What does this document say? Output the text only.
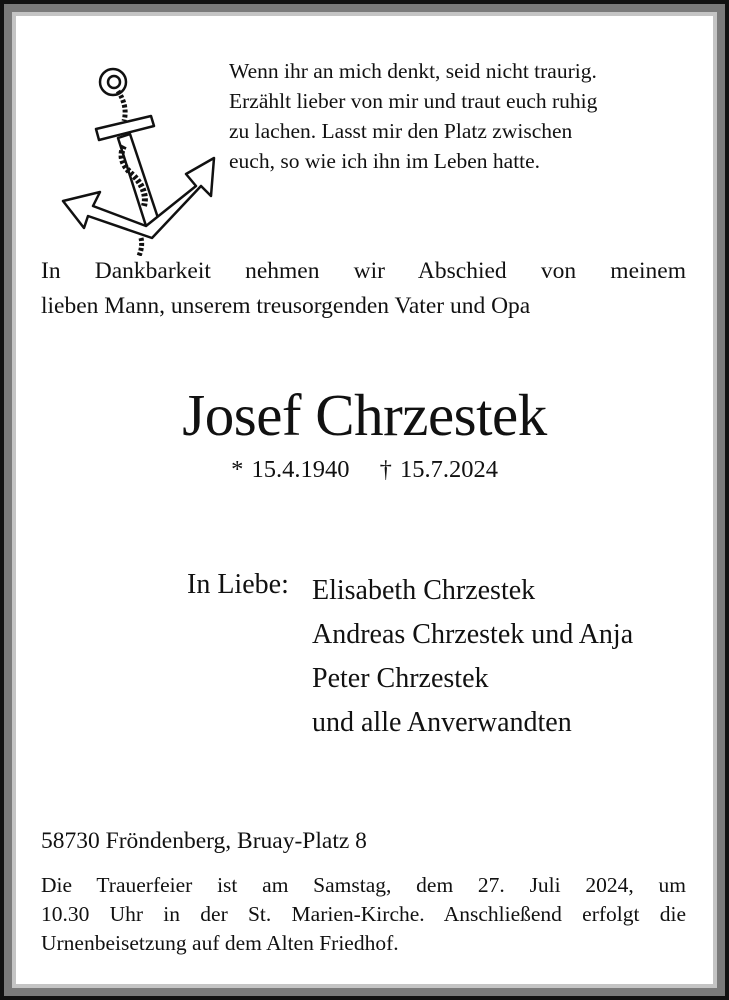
Wenn ihr an mich denkt, seid nicht traurig.
Erzählt lieber von mir und traut euch ruhig
zu lachen. Lasst mir den Platz zwischen
euch, so wie ich ihn im Leben hatte.
In Dankbarkeit nehmen wir Abschied von meinem
lieben Mann, unserem treusorgenden Vater und Opa
Josef Chrzestek
* 15.4.1940 † 15.7.2024
In Liebe: Elisabeth Chrzestek
Andreas Chrzestek und Anja
Peter Chrzestek
und alle Anverwandten
58730 Fröndenberg, Bruay-Platz 8
Die Trauerfeier ist am Samstag, dem 27. Juli 2024, um
10.30 Uhr in der St. Marien-Kirche. Anschließend erfolgt die
Urnenbeisetzung auf dem Alten Friedhof.
